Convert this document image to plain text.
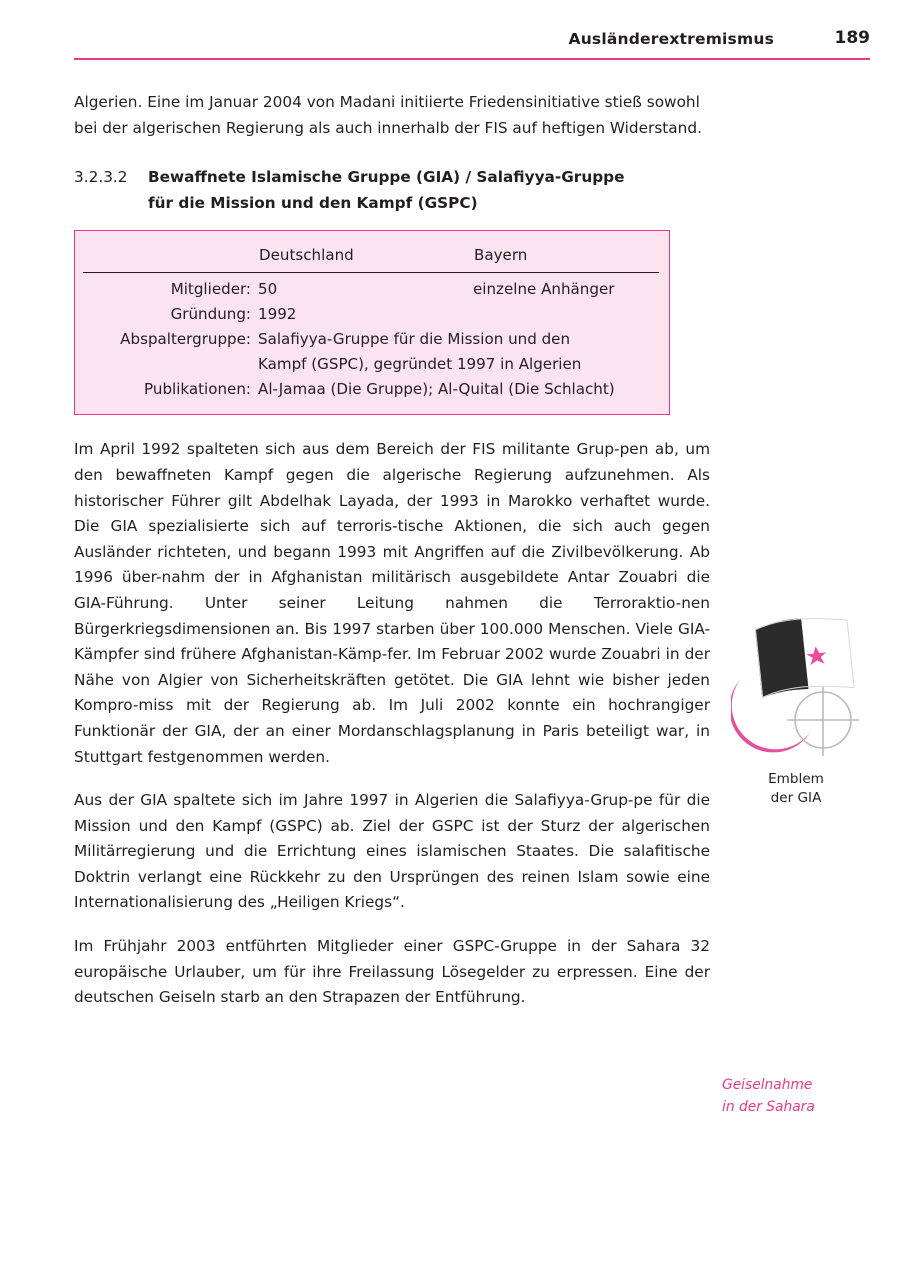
Ausländerextremismus	189

Algerien. Eine im Januar 2004 von Madani initiierte Friedensinitiative stieß sowohl bei der algerischen Regierung als auch innerhalb der FIS auf heftigen Widerstand.

3.2.3.2	Bewaffnete Islamische Gruppe (GIA) / Salafiyya-Gruppe
für die Mission und den Kampf (GSPC)
	Deutschland	Bayern

Mitglieder:	50	einzelne Anhänger
Gründung:	1992	
Abspaltergruppe:	Salafiyya-Gruppe für die Mission und den
Kampf (GSPC), gegründet 1997 in Algerien	
Publikationen:	Al-Jamaa (Die Gruppe); Al-Quital (Die Schlacht)	

Im April 1992 spalteten sich aus dem Bereich der FIS militante Grup-pen ab, um den bewaffneten Kampf gegen die algerische Regierung aufzunehmen. Als historischer Führer gilt Abdelhak Layada, der 1993 in Marokko verhaftet wurde. Die GIA spezialisierte sich auf terroris-tische Aktionen, die sich auch gegen Ausländer richteten, und begann 1993 mit Angriffen auf die Zivilbevölkerung. Ab 1996 über-nahm der in Afghanistan militärisch ausgebildete Antar Zouabri die GIA-Führung. Unter seiner Leitung nahmen die Terroraktio-nen Bürgerkriegsdimensionen an. Bis 1997 starben über 100.000 Menschen. Viele GIA-Kämpfer sind frühere Afghanistan-Kämp-fer. Im Februar 2002 wurde Zouabri in der Nähe von Algier von Sicherheitskräften getötet. Die GIA lehnt wie bisher jeden Kompro-miss mit der Regierung ab. Im Juli 2002 konnte ein hochrangiger Funktionär der GIA, der an einer Mordanschlagsplanung in Paris beteiligt war, in Stuttgart festgenommen werden.

Aus der GIA spaltete sich im Jahre 1997 in Algerien die Salafiyya-Grup-pe für die Mission und den Kampf (GSPC) ab. Ziel der GSPC ist der Sturz der algerischen Militärregierung und die Errichtung eines islamischen Staates. Die salafitische Doktrin verlangt eine Rückkehr zu den Ursprüngen des reinen Islam sowie eine Internationalisierung des „Heiligen Kriegs“.

Im Frühjahr 2003 entführten Mitglieder einer GSPC-Gruppe in der Sahara 32 europäische Urlauber, um für ihre Freilassung Lösegelder zu erpressen. Eine der deutschen Geiseln starb an den Strapazen der Entführung.

Emblem
der GIA
Geiselnahme
in der Sahara
